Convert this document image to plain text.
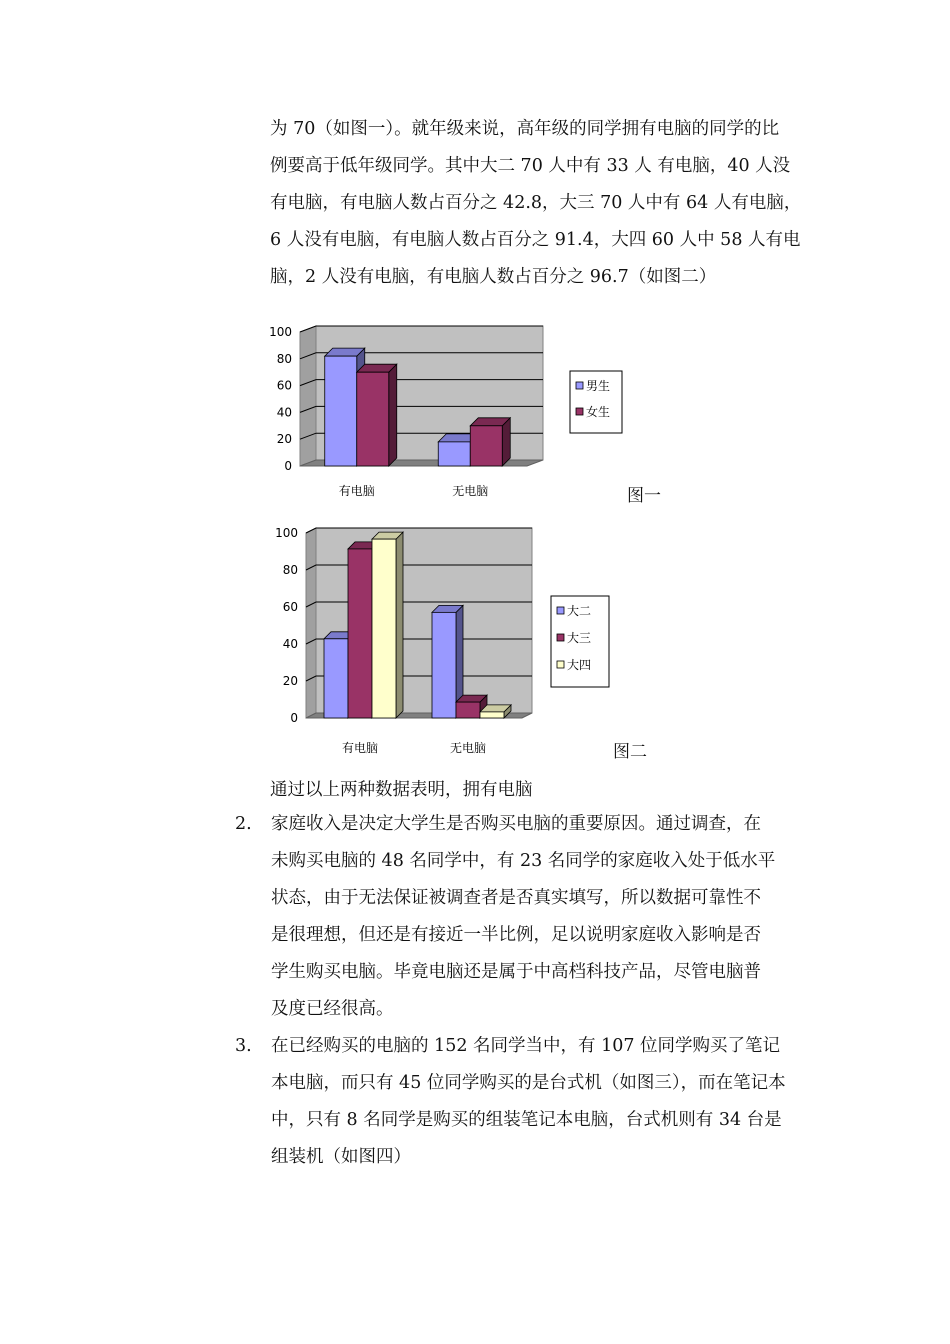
为 70（如图一）。就年级来说，高年级的同学拥有电脑的同学的比
例要高于低年级同学。其中大二 70 人中有 33 人 有电脑，40 人没
有电脑，有电脑人数占百分之 42.8，大三 70 人中有 64 人有电脑，
6 人没有电脑，有电脑人数占百分之 91.4，大四 60 人中 58 人有电
脑，2 人没有电脑，有电脑人数占百分之 96.7（如图二）
0
20
40
60
80
100
有电脑	无电脑
男生
女生
图一
0
20
40
60
80
100
有电脑	无电脑
大二
大三
大四
图二
通过以上两种数据表明，拥有电脑
2. 家庭收入是决定大学生是否购买电脑的重要原因。通过调查，在
未购买电脑的 48 名同学中，有 23 名同学的家庭收入处于低水平
状态，由于无法保证被调查者是否真实填写，所以数据可靠性不
是很理想，但还是有接近一半比例，足以说明家庭收入影响是否
学生购买电脑。毕竟电脑还是属于中高档科技产品，尽管电脑普
及度已经很高。
3. 在已经购买的电脑的 152 名同学当中，有 107 位同学购买了笔记
本电脑，而只有 45 位同学购买的是台式机（如图三），而在笔记本
中，只有 8 名同学是购买的组装笔记本电脑，台式机则有 34 台是
组装机（如图四）
